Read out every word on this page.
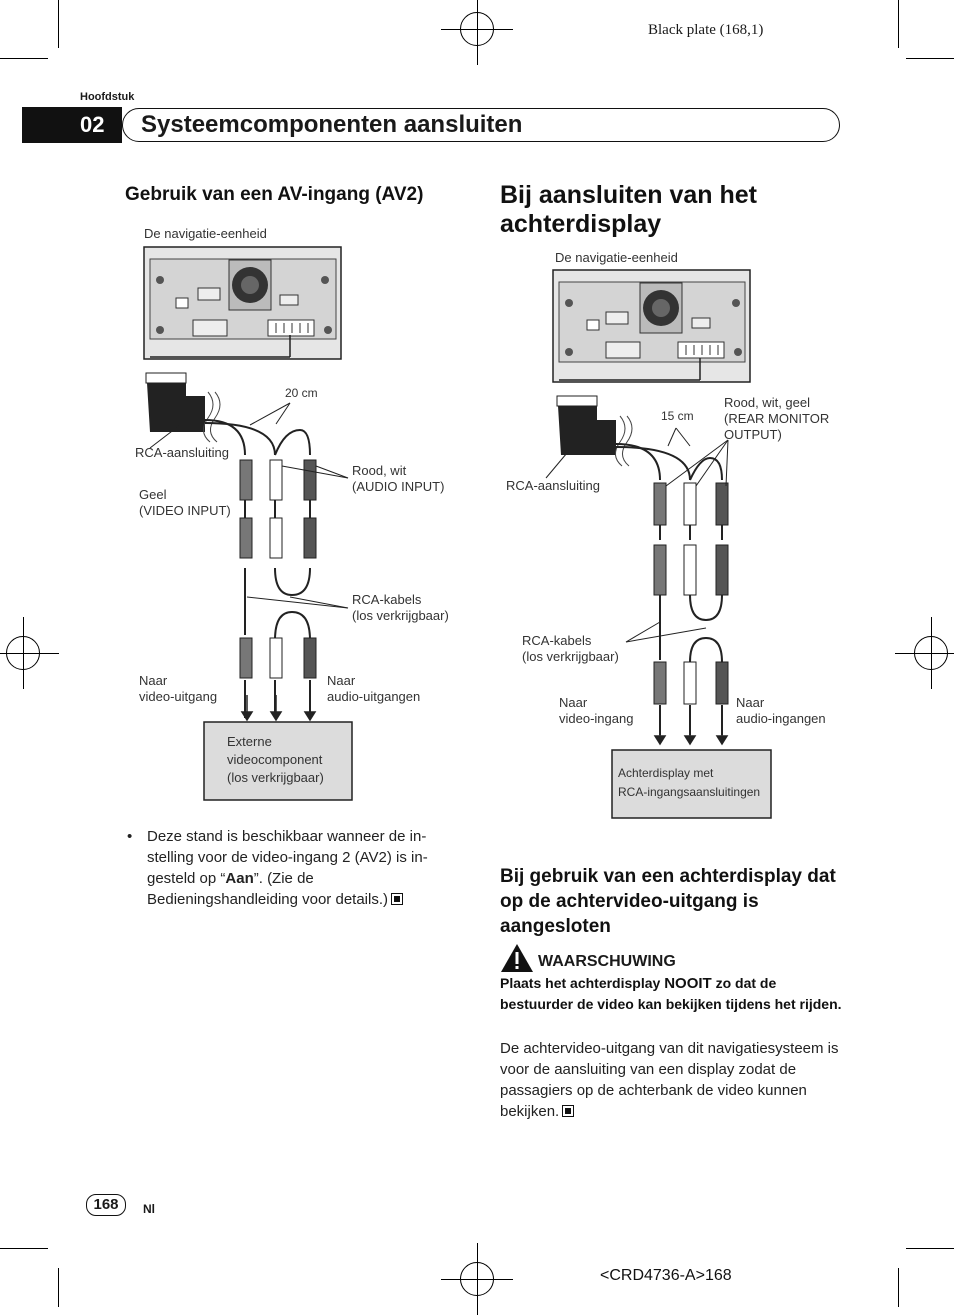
Black plate (168,1)
Hoofdstuk
02	Systeemcomponenten aansluiten
Gebruik van een AV-ingang (AV2)
De navigatie-eenheid
20 cm
RCA-aansluiting
Geel
(VIDEO INPUT)
Rood, wit
(AUDIO INPUT)
RCA-kabels
(los verkrijgbaar)
Naar
video-uitgang
Naar
audio-uitgangen
Externe
videocomponent
(los verkrijgbaar)
• Deze stand is beschikbaar wanneer de in-stelling voor de video-ingang 2 (AV2) is in-gesteld op “Aan”. (Zie de Bedieningshandleiding voor details.)
Bij aansluiten van het achterdisplay
De navigatie-eenheid
15 cm
Rood, wit, geel
(REAR MONITOR
OUTPUT)
RCA-aansluiting
RCA-kabels
(los verkrijgbaar)
Naar
video-ingang
Naar
audio-ingangen
Achterdisplay met
RCA-ingangsaansluitingen
Bij gebruik van een achterdisplay dat op de achtervideo-uitgang is aangesloten
WAARSCHUWING
Plaats het achterdisplay NOOIT zo dat de bestuurder de video kan bekijken tijdens het rijden.
De achtervideo-uitgang van dit navigatiesysteem is voor de aansluiting van een display zodat de passagiers op de achterbank de video kunnen bekijken.
168	Nl
<CRD4736-A>168
